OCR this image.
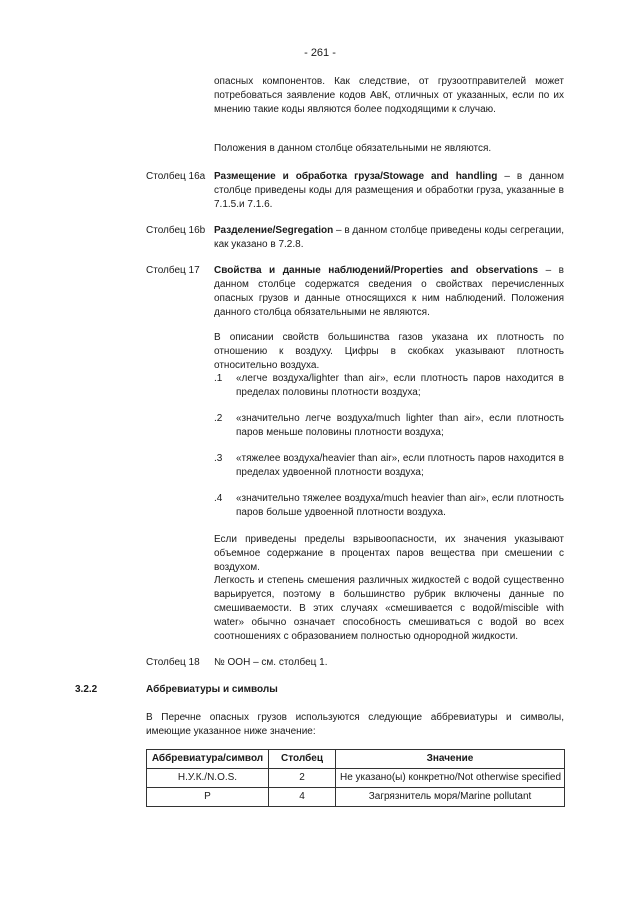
- 261 -

опасных компонентов. Как следствие, от грузоотправителей может потребоваться заявление кодов АвК, отличных от указанных, если по их мнению такие коды являются более подходящими к случаю.

Положения в данном столбце обязательными не являются.

Столбец 16a Размещение и обработка груза/Stowage and handling – в данном столбце приведены коды для размещения и обработки груза, указанные в 7.1.5.и 7.1.6.

Столбец 16b Разделение/Segregation – в данном столбце приведены коды сегрегации, как указано в 7.2.8.

Столбец 17	Свойства и данные наблюдений/Properties and observations – в данном столбце содержатся сведения о свойствах перечисленных опасных грузов и данные относящихся к ним наблюдений. Положения данного столбца обязательными не являются.

В описании свойств большинства газов указана их плотность по отношению к воздуху. Цифры в скобках указывают плотность относительно воздуха.

.1	«легче воздуха/lighter than air», если плотность паров находится в пределах половины плотности воздуха;

.2	«значительно легче воздуха/much lighter than air», если плотность паров меньше половины плотности воздуха;

.3	«тяжелее воздуха/heavier than air», если плотность паров находится в пределах удвоенной плотности воздуха;

.4	«значительно тяжелее воздуха/much heavier than air», если плотность паров больше удвоенной плотности воздуха.

Если приведены пределы взрывоопасности, их значения указывают объемное содержание в процентах паров вещества при смешении с воздухом.

Легкость и степень смешения различных жидкостей с водой существенно варьируется, поэтому в большинство рубрик включены данные по смешиваемости. В этих случаях «смешивается с водой/miscible with water» обычно означает способность смешиваться с водой во всех соотношениях с образованием полностью однородной жидкости.

Столбец 18	№ ООН – см. столбец 1.

3.2.2	Аббревиатуры и символы

В Перечне опасных грузов используются следующие аббревиатуры и символы, имеющие указанное ниже значение:

Аббревиатура/символ	Столбец	Значение
Н.У.К./N.O.S.	2	Не указано(ы) конкретно/Not otherwise specified
P	4	Загрязнитель моря/Marine pollutant
